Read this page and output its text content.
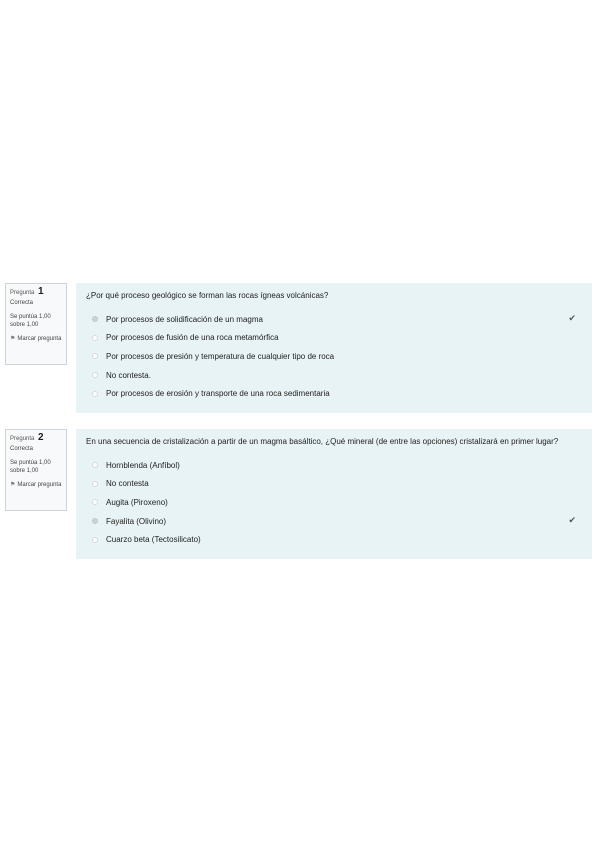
Pregunta 1
Correcta
Se puntúa 1,00 sobre 1,00
⚑ Marcar pregunta
¿Por qué proceso geológico se forman las rocas ígneas volcánicas?
Por procesos de solidificación de un magma	✔
Por procesos de fusión de una roca metamórfica
Por procesos de presión y temperatura de cualquier tipo de roca
No contesta.
Por procesos de erosión y transporte de una roca sedimentaria
Pregunta 2
Correcta
Se puntúa 1,00 sobre 1,00
⚑ Marcar pregunta
En una secuencia de cristalización a partir de un magma basáltico, ¿Qué mineral (de entre las opciones) cristalizará en primer lugar?
Hornblenda (Anfíbol)
No contesta
Augita (Piroxeno)
Fayalita (Olivino)	✔
Cuarzo beta (Tectosilicato)
